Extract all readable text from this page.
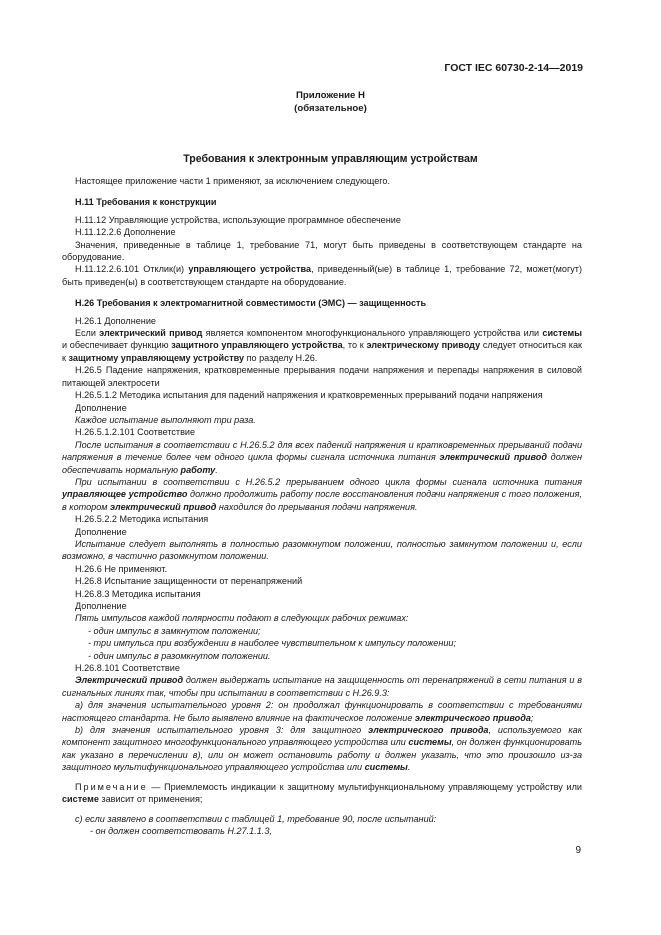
ГОСТ IEC 60730-2-14—2019
Приложение Н
(обязательное)
Требования к электронным управляющим устройствам

Настоящее приложение части 1 применяют, за исключением следующего.

Н.11 Требования к конструкции

Н.11.12 Управляющие устройства, использующие программное обеспечение

Н.11.12.2.6 Дополнение

Значения, приведенные в таблице 1, требование 71, могут быть приведены в соответствующем стандарте на оборудование.

Н.11.12.2.6.101 Отклик(и) управляющего устройства, приведенный(ые) в таблице 1, требование 72, может(могут) быть приведен(ы) в соответствующем стандарте на оборудование.

Н.26 Требования к электромагнитной совместимости (ЭМС) — защищенность

Н.26.1 Дополнение

Если электрический привод является компонентом многофункционального управляющего устройства или системы и обеспечивает функцию защитного управляющего устройства, то к электрическому приводу следует относиться как к защитному управляющему устройству по разделу Н.26.

Н.26.5 Падение напряжения, кратковременные прерывания подачи напряжения и перепады напряжения в силовой питающей электросети

Н.26.5.1.2 Методика испытания для падений напряжения и кратковременных прерываний подачи напряжения

Дополнение

Каждое испытание выполняют три раза.

Н.26.5.1.2.101 Соответствие

После испытания в соответствии с Н.26.5.2 для всех падений напряжения и кратковременных прерываний подачи напряжения в течение более чем одного цикла формы сигнала источника питания электрический привод должен обеспечивать нормальную работу.

При испытании в соответствии с Н.26.5.2 прерыванием одного цикла формы сигнала источника питания управляющее устройство должно продолжить работу после восстановления подачи напряжения с того положения, в котором электрический привод находился до прерывания подачи напряжения.

Н.26.5.2.2 Методика испытания

Дополнение

Испытание следует выполнять в полностью разомкнутом положении, полностью замкнутом положении и, если возможно, в частично разомкнутом положении.

Н.26.6 Не применяют.

Н.26.8 Испытание защищенности от перенапряжений

Н.26.8.3 Методика испытания

Дополнение

Пять импульсов каждой полярности подают в следующих рабочих режимах:

- один импульс в замкнутом положении;

- три импульса при возбуждении в наиболее чувствительном к импульсу положении;

- один импульс в разомкнутом положении.

Н.26.8.101 Соответствие

Электрический привод должен выдержать испытание на защищенность от перенапряжений в сети питания и в сигнальных линиях так, чтобы при испытании в соответствии с Н.26.9.3:

a) для значения испытательного уровня 2: он продолжал функционировать в соответствии с требованиями настоящего стандарта. Не было выявлено влияние на фактическое положение электрического привода;

b) для значения испытательного уровня 3: для защитного электрического привода, используемого как компонент защитного многофункционального управляющего устройства или системы, он должен функционировать как указано в перечислении в), или он может остановить работу и должен указать, что это произошло из-за защитного мультифункционального управляющего устройства или системы.

Примечание — Приемлемость индикации к защитному мультифункциональному управляющему устройству или системе зависит от применения;

c) если заявлено в соответствии с таблицей 1, требование 90, после испытаний:

- он должен соответствовать Н.27.1.1.3,

9
